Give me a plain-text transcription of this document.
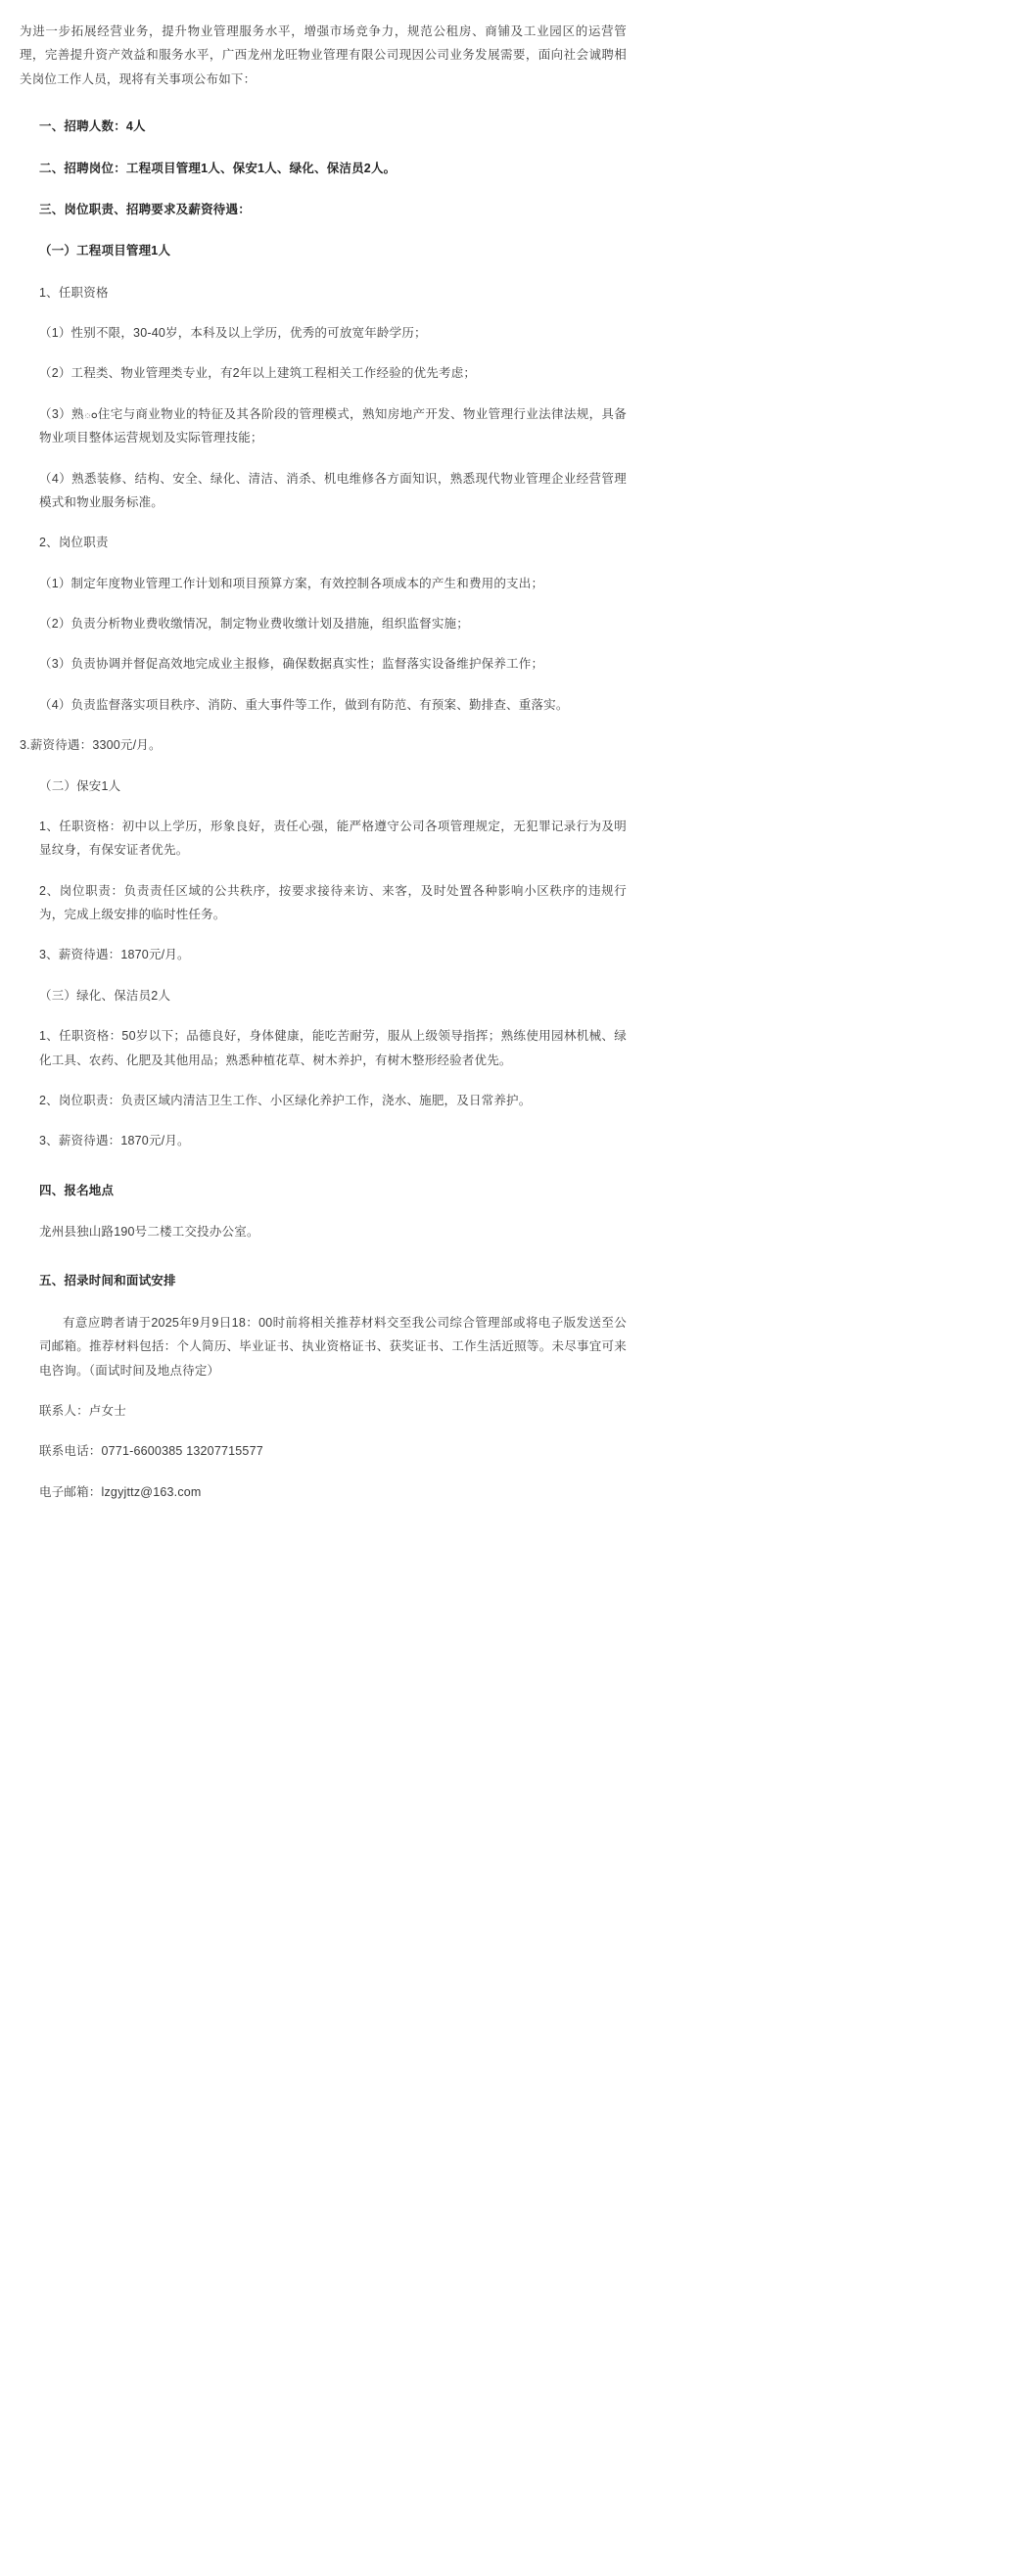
为进一步拓展经营业务，提升物业管理服务水平，增强市场竞争力，规范公租房、商铺及工业园区的运营管理，完善提升资产效益和服务水平，广西龙州龙旺物业管理有限公司现因公司业务发展需要，面向社会诚聘相关岗位工作人员，现将有关事项公布如下：

一、招聘人数：4人

二、招聘岗位：工程项目管理1人、保安1人、绿化、保洁员2人。

三、岗位职责、招聘要求及薪资待遇：

（一）工程项目管理1人

1、任职资格

（1）性别不限，30-40岁，本科及以上学历，优秀的可放宽年龄学历；

（2）工程类、物业管理类专业，有2年以上建筑工程相关工作经验的优先考虑；

（3）熟ం住宅与商业物业的特征及其各阶段的管理模式，熟知房地产开发、物业管理行业法律法规，具备物业项目整体运营规划及实际管理技能；

（4）熟悉装修、结构、安全、绿化、清洁、消杀、机电维修各方面知识，熟悉现代物业管理企业经营管理模式和物业服务标准。

2、岗位职责

（1）制定年度物业管理工作计划和项目预算方案，有效控制各项成本的产生和费用的支出；

（2）负责分析物业费收缴情况，制定物业费收缴计划及措施，组织监督实施；

（3）负责协调并督促高效地完成业主报修，确保数据真实性；监督落实设备维护保养工作；

（4）负责监督落实项目秩序、消防、重大事件等工作，做到有防范、有预案、勤排查、重落实。

3.薪资待遇：3300元/月。

（二）保安1人

1、任职资格：初中以上学历，形象良好，责任心强，能严格遵守公司各项管理规定，无犯罪记录行为及明显纹身，有保安证者优先。

2、岗位职责：负责责任区域的公共秩序，按要求接待来访、来客，及时处置各种影响小区秩序的违规行为，完成上级安排的临时性任务。

3、薪资待遇：1870元/月。

（三）绿化、保洁员2人

1、任职资格：50岁以下；品德良好，身体健康，能吃苦耐劳，服从上级领导指挥；熟练使用园林机械、绿化工具、农药、化肥及其他用品；熟悉种植花草、树木养护，有树木整形经验者优先。

2、岗位职责：负责区域内清洁卫生工作、小区绿化养护工作，浇水、施肥，及日常养护。

3、薪资待遇：1870元/月。

四、报名地点

龙州县独山路190号二楼工交投办公室。

五、招录时间和面试安排

有意应聘者请于2025年9月9日18：00时前将相关推荐材料交至我公司综合管理部或将电子版发送至公司邮箱。推荐材料包括：个人简历、毕业证书、执业资格证书、获奖证书、工作生活近照等。未尽事宜可来电咨询。（面试时间及地点待定）

联系人：卢女士

联系电话：0771-6600385 13207715577

电子邮箱：lzgyjttz@163.com
